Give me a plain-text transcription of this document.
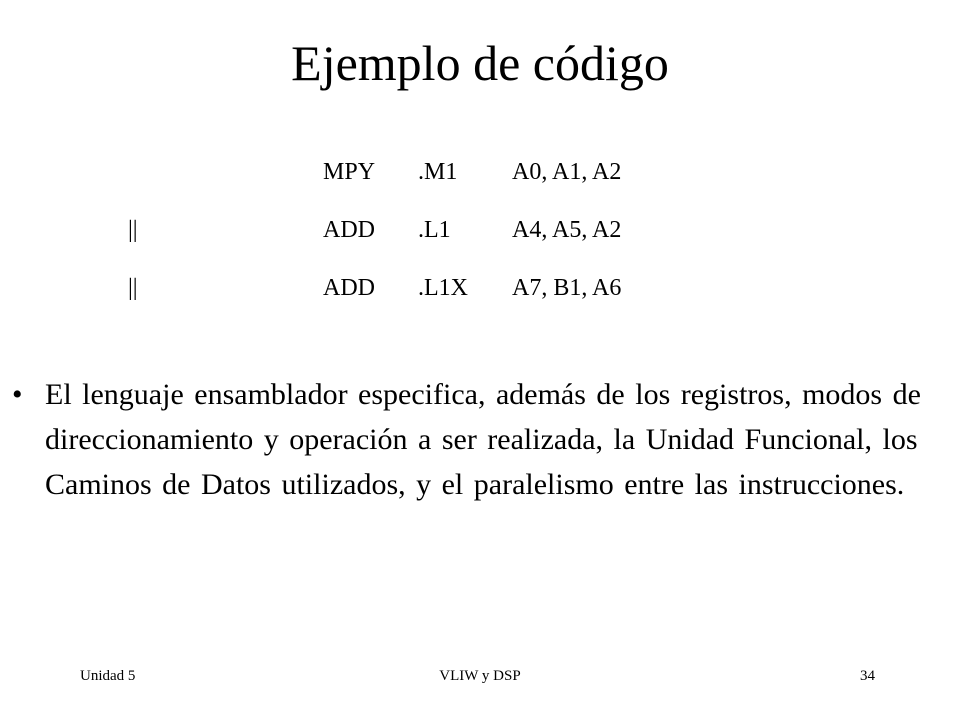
Ejemplo de código
MPY .M1 A0, A1, A2
||	ADD .L1	A4, A5, A2
||	ADD .L1X A7, B1, A6
• El lenguaje ensamblador especifica, además de los registros, modos de direccionamiento y operación a ser realizada, la Unidad Funcional, los Caminos de Datos utilizados, y el paralelismo entre las instrucciones.
Unidad 5	VLIW y DSP	34
